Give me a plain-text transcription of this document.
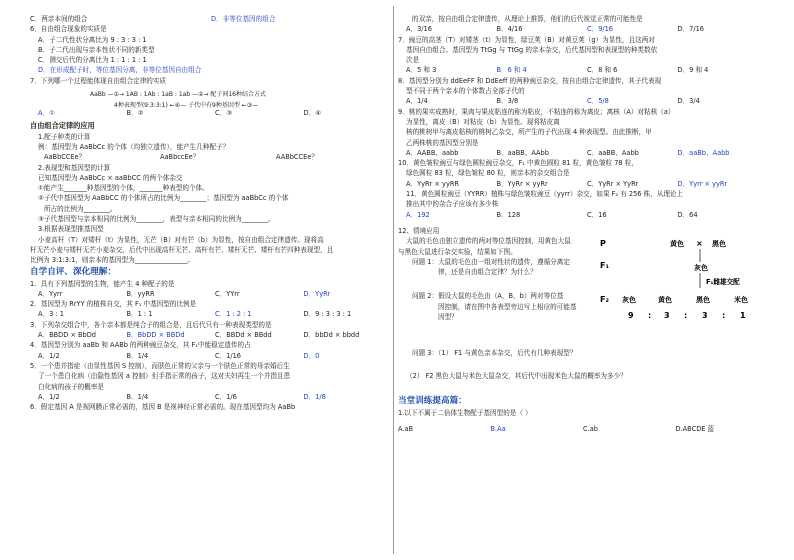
C．两亲本间的组合	D．非等位基因的组合
6．自由组合现象的实质是
A．子二代性状分离比为 9 : 3 : 3 : 1
B．子二代出现与亲本性状不同的新类型
C．测交后代的分离比为 1 : 1 : 1 : 1
D．在形成配子时，等位基因分离，非等位基因自由组合
7．下列哪一个过程能体现自由组合定律的实质
AaBb —①→ 1AB : 1Ab : 1aB : 1ab —②→ 配子间16种结合方式
4种表现型(9:3:3:1) ←④— 子代中有9种基因型 ←③—
A．①	B．②	C．③	D．④
自由组合定律的应用
1.配子种类的计算
例：基因型为 AaBbCc 的个体（均独立遗传），能产生几种配子？
AaBbCCEe？	AaBbccEe？	AABbCCEe？
2.表现型和基因型的计算
已知基因型为 AaBbCc × aaBbCC 的两个体杂交
①能产生_______种基因型的个体，_______种表型的个体。
②子代中基因型为 AaBbCC 的个体所占的比例为________；基因型为 aaBbCc 的个体
所占的比例为________。
③子代基因型与亲本相同的比例为________，表型与亲本相同的比例为________。
3.根据表现型推基因型
小麦高杆（T）对矮杆（t）为显性，无芒（B）对有芒（b）为显性，按自由组合定律遗传。现将高
杆无芒小麦与矮杆无芒小麦杂交，后代中出现高杆无芒、高杆有芒、矮杆无芒、矮杆有芒四种表现型，且
比例为 3:1:3:1，则亲本的基因型为________________。
自学自评、深化理解：
1．具有下列基因型的生物，能产生 4 种配子的是
A．Yyrr	B．yyRR	C．YYrr	D．YyRr
2．基因型为 RrYY 的植株自交，其 F₁ 中基因型的比例是
A．3 : 1	B．1 : 1	C．1 : 2 : 1	D．9 : 3 : 3 : 1
3．下列杂交组合中，各个亲本都是纯合子的组合是，且后代只有一种表现类型的是
A．BBDD × BbDd	B．BbDD × BBDd	C．BBDd × BBdd	D．bbDd × bbdd
4．基因型分别为 aaBb 和 AABb 的两种豌豆杂交，其 F₁中能稳定遗传的占
A．1/2	B．1/4	C．1/16	D．0
5．一个患并指症（由显性基因 S 控制），而肤色正常的父亲与一个肤色正常的母亲婚后生
了一个患白化病（由隐性基因 a 控制）但手指正常的孩子，这对夫妇再生一个并指且患
白化病的孩子的概率是
A．1/2	B．1/4	C．1/6	D．1/8
6．假定基因 A 是视网膜正常必需的，基因 B 是视神经正常必需的。现在基因型均为 AaBb
的双亲，按自由组合定律遗传，从理论上推算，他们的后代视觉正常的可能性是
A．3/16	B．4/16	C．9/16	D．7/16
7．豌豆的高茎（T）对矮茎（t）为显性，绿豆荚（B）对黄豆荚（g）为显性，且这两对
基因自由组合。基因型为 TtGg 与 TtGg 的亲本杂交，后代基因型和表现型的种类数依
次是
A．5 和 3	B．6 和 4	C．8 和 6	D．9 和 4
8．基因型分别为 ddEeFF 和 DdEeff 的两种豌豆杂交，按自由组合定律遗传，其子代表现
型不同于两个亲本的个体数占全部子代的
A．1/4	B．3/8	C．5/8	D．3/4
9．桃的果实成熟时，果肉与果皮粘连的称为粘皮，不粘连的称为离皮；离核（A）对粘核（a）
为显性，离皮（B）对粘皮（b）为显性。现将粘皮离
核的桃树甲与离皮粘核的桃树乙杂交，所产生的子代出现 4 种表现型。由此推断，甲
乙两株桃的基因型分别是
A．AABB、aabb	B．aaBB、AAbb	C．aaBB、Aabb	D．aaBb、Aabb
10．黄色皱粒豌豆与绿色圆粒豌豆杂交，F₁ 中黄色圆粒 81 粒，黄色皱粒 78 粒，
绿色圆粒 83 粒，绿色皱粒 80 粒，则亲本的杂交组合是
A．YyRr × yyRR	B．YyRr × yyRr	C．YyRr × YyRr	D．Yyrr × yyRr
11．黄色圆粒豌豆（YYRR）植株与绿色皱粒豌豆（yyrr）杂交，如果 F₂ 有 256 株，从理论上
推出其中的杂合子应该有多少株
A．192	B．128	C．16	D．64
12、情境应用
大鼠的毛色由独立遗传的两对等位基因控制，用黄色大鼠
与黑色大鼠进行杂交实验，结果如下图。
问题 1：大鼠的毛色由一组对性状的遗传，遵循分离定
律，还是自由组合定律？为什么？
问题 2：假设大鼠的毛色由（A，B，b）两对等位基
因控制，请在图中各表型旁边写上相应的可能基
因型？
P	黄色 × 黑色
F₁	灰色
F₁雌雄交配
F₂ 灰色	黄色	黑色	米色
9 : 3 : 3 : 1
问题 3：（1） F1 与黄色亲本杂交，后代有几种表现型？
（2） F2 黑色大鼠与米色大鼠杂交，其后代中出现米色大鼠的概率为多少？
当堂训练提高篇：
1.以下不属于二倍体生物配子基因型的是（ ）
A.aB	B.Aa	C.ab	D.ABCDE 蓝
